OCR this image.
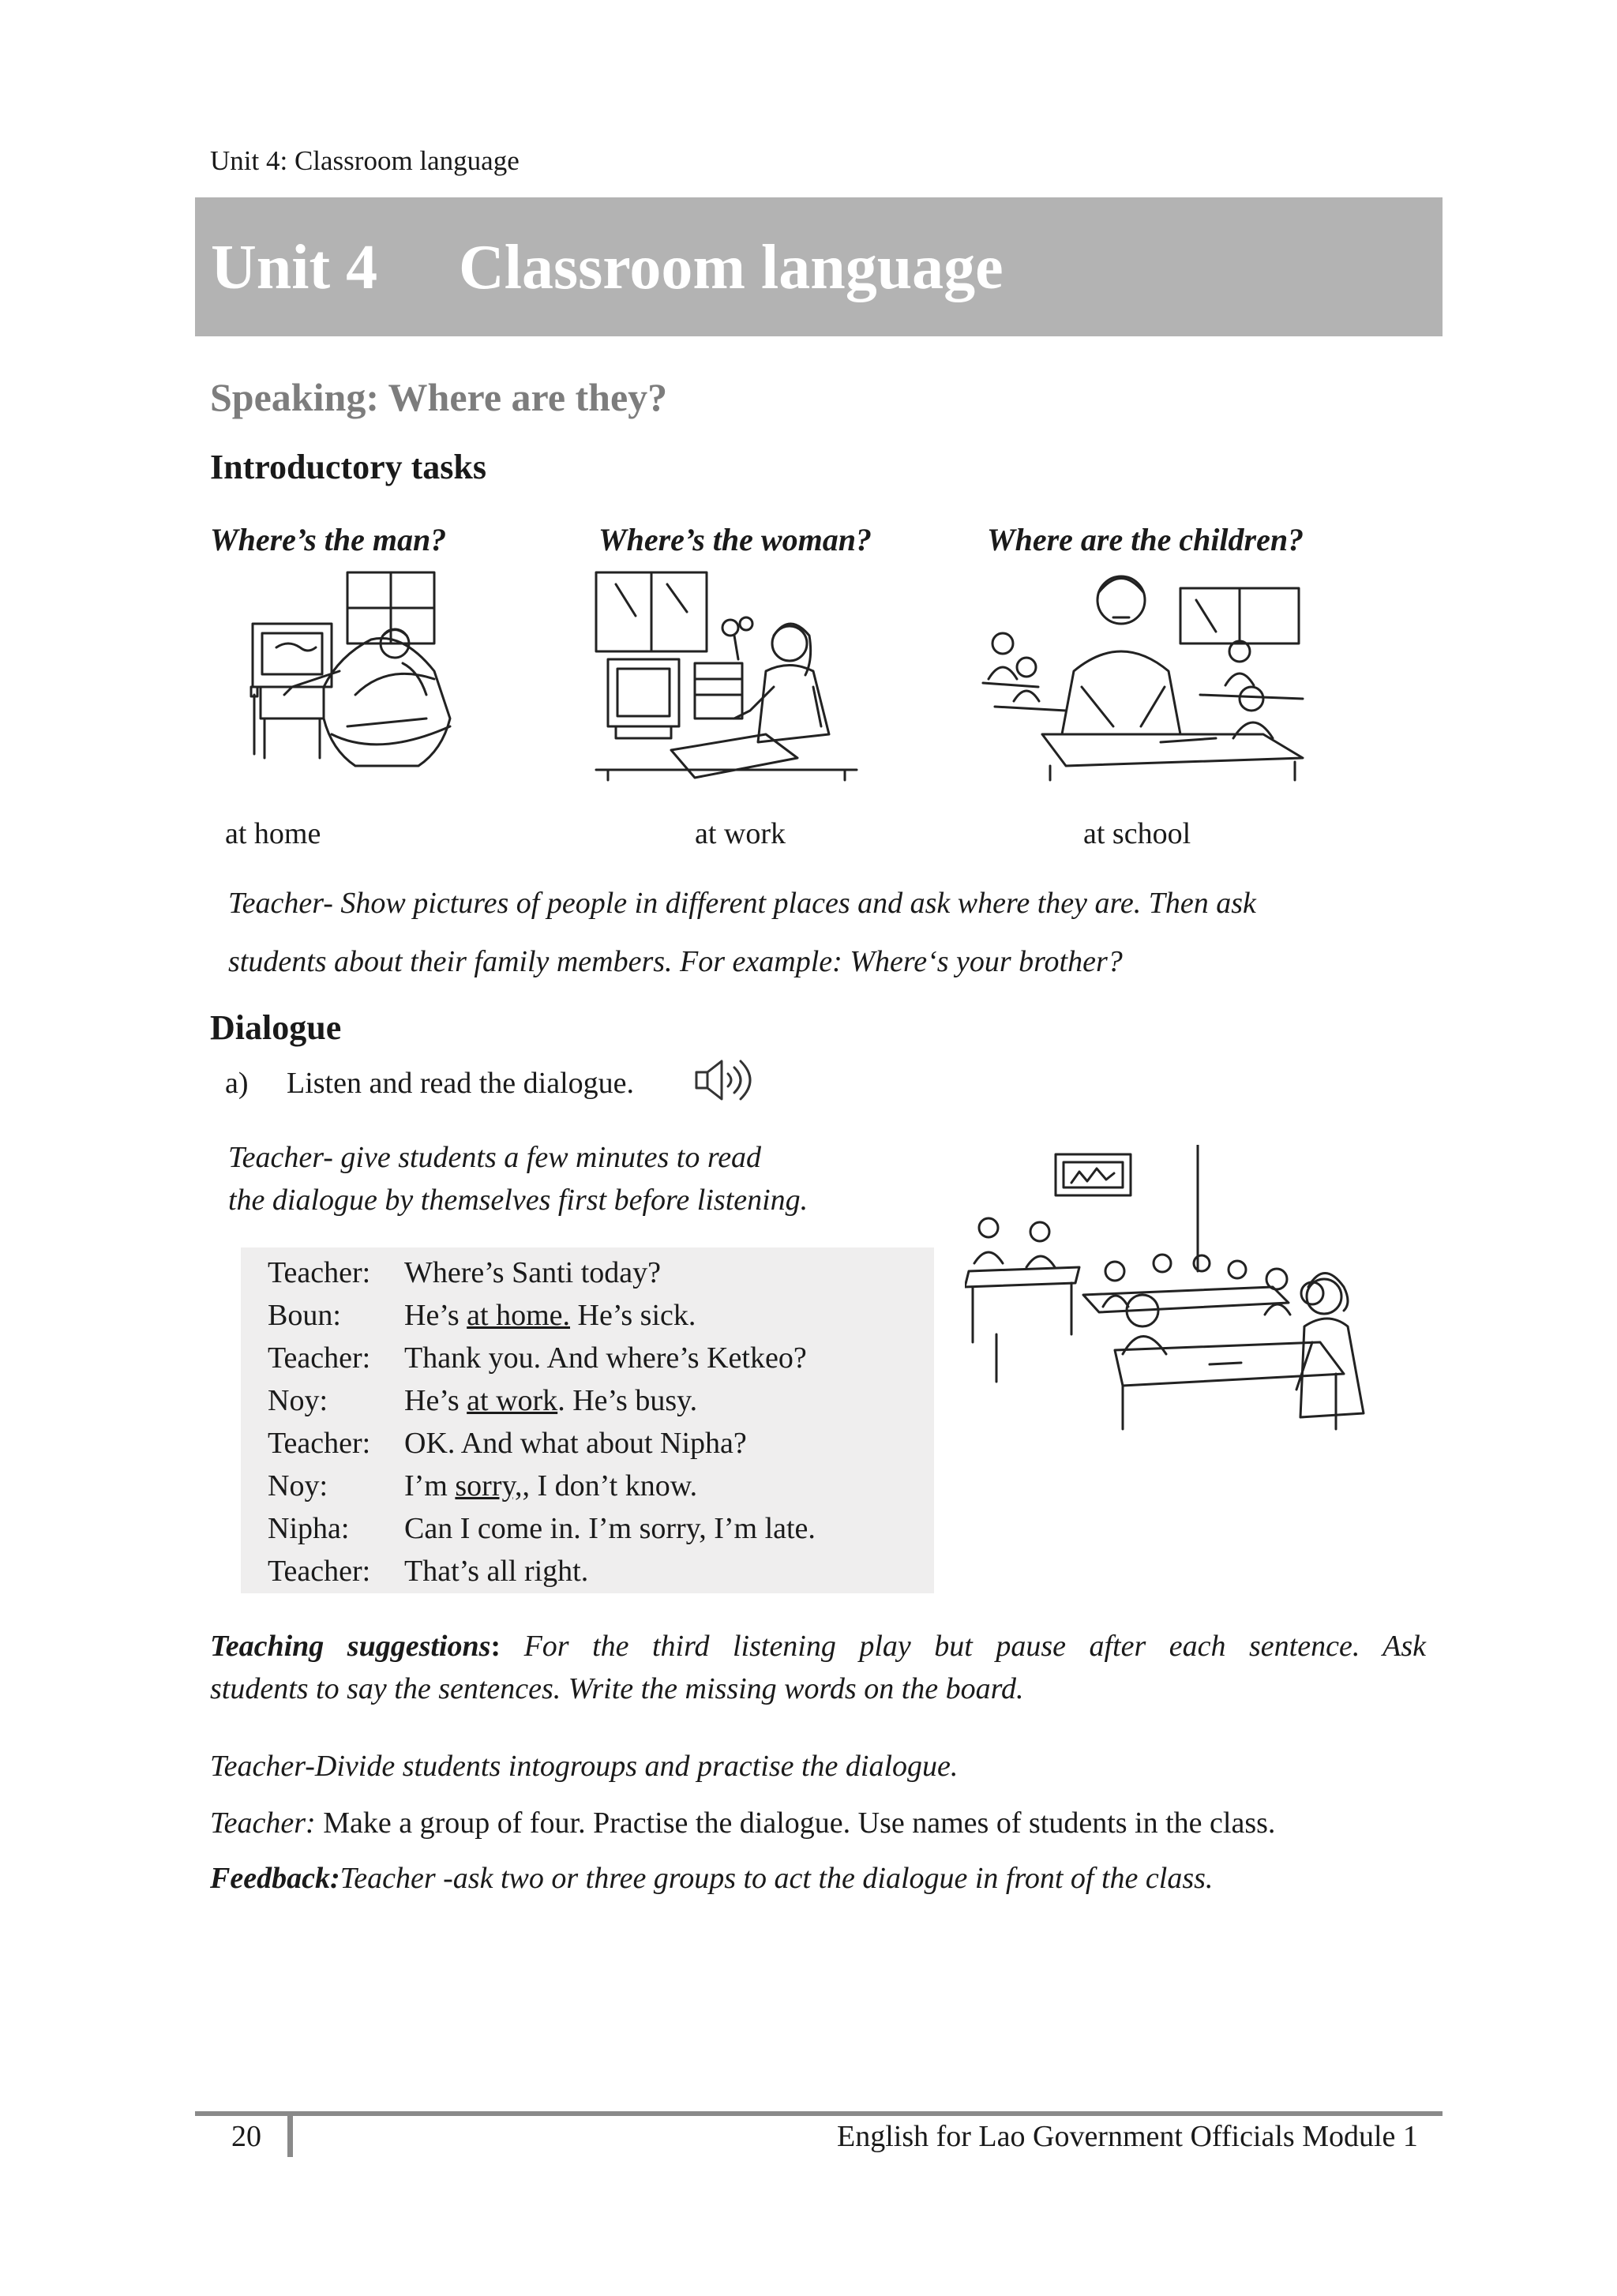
Unit 4: Classroom language
Unit 4 Classroom language
Speaking: Where are they?
Introductory tasks
Where’s the man?	Where’s the woman?	Where are the children?
at home	at work	at school
Teacher- Show pictures of people in different places and ask where they are. Then ask
students about their family members. For example: Where‘s your brother?
Dialogue
a) Listen and read the dialogue.
Teacher- give students a few minutes to read
the dialogue by themselves first before listening.
Teacher: Where’s Santi today?
Boun: He’s at home. He’s sick.
Teacher: Thank you. And where’s Ketkeo?
Noy:	He’s at work. He’s busy.
Teacher: OK. And what about Nipha?
Noy:	I’m sorry,, I don’t know.
Nipha: Can I come in. I’m sorry, I’m late.
Teacher: That’s all right.
Teaching suggestions: For the third listening play but pause after each sentence. Ask
students to say the sentences. Write the missing words on the board.
Teacher-Divide students intogroups and practise the dialogue.
Teacher: Make a group of four. Practise the dialogue. Use names of students in the class.
Feedback:Teacher -ask two or three groups to act the dialogue in front of the class.
20	English for Lao Government Officials Module 1
